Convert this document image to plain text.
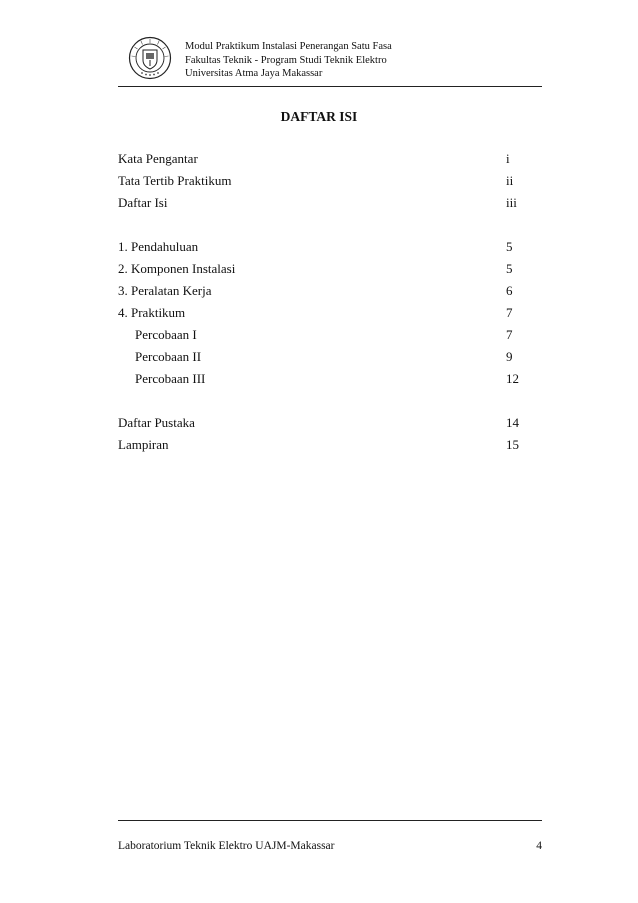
Modul Praktikum Instalasi Penerangan Satu Fasa
Fakultas Teknik - Program Studi Teknik Elektro
Universitas Atma Jaya Makassar
DAFTAR ISI
Kata Pengantar	i
Tata Tertib Praktikum	ii
Daftar Isi	iii
1. Pendahuluan	5
2. Komponen Instalasi	5
3. Peralatan Kerja	6
4. Praktikum	7
Percobaan I	7
Percobaan II	9
Percobaan III	12
Daftar Pustaka	14
Lampiran	15
Laboratorium Teknik Elektro UAJM-Makassar	4
